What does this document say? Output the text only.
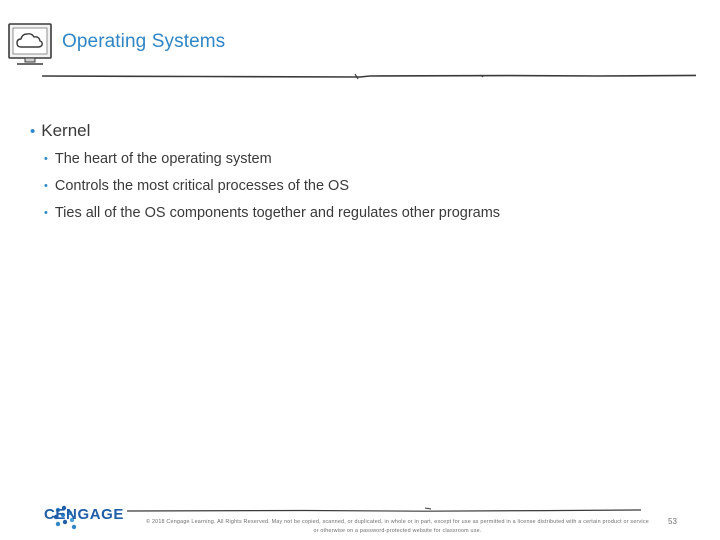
Operating Systems
• Kernel
• The heart of the operating system
• Controls the most critical processes of the OS
• Ties all of the OS components together and regulates other programs
CENGAGE	© 2018 Cengage Learning. All Rights Reserved. May not be copied, scanned, or duplicated, in whole or in part, except for use as permitted in a license distributed with a certain product or service
or otherwise on a password-protected website for classroom use.
53
